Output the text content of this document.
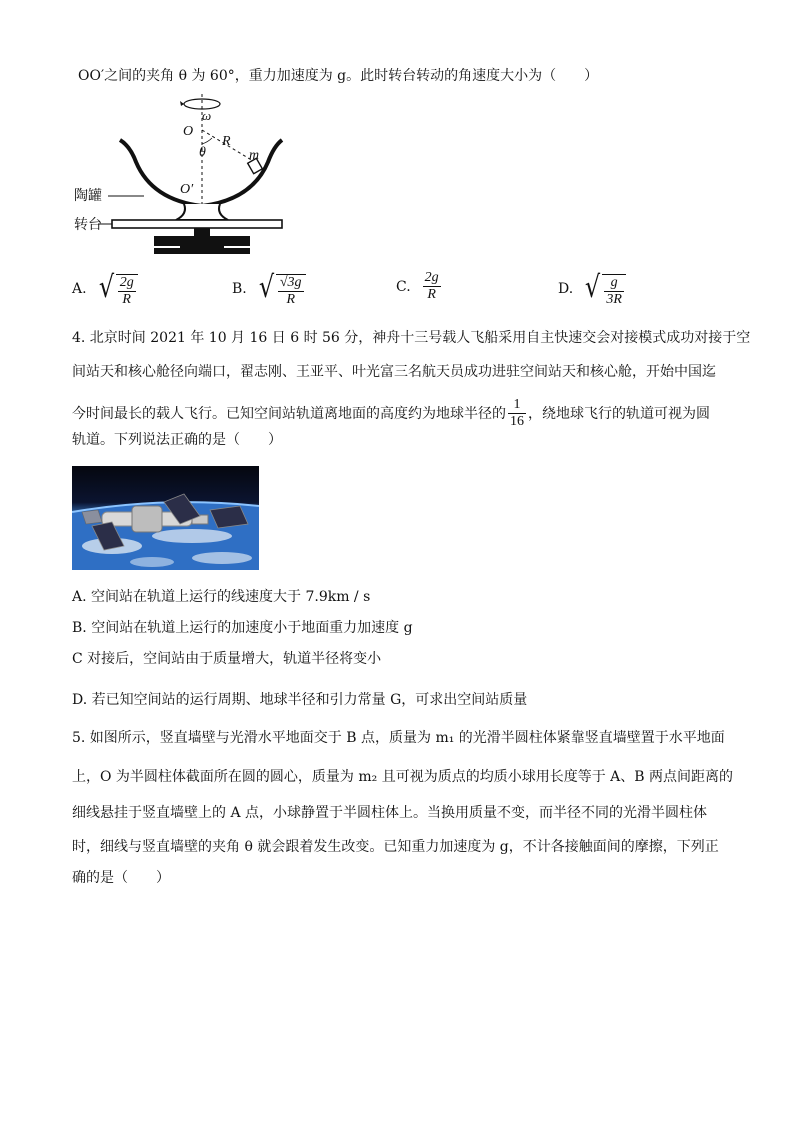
OO′之间的夹角 θ 为 60°，重力加速度为 g。此时转台转动的角速度大小为（　　）
ω
O
θ
R
m
O′
陶罐
转台
A. √ $\frac{2g}{R}$	B. √ $\frac{√3g}{R}$	C. $\frac{2g}{R}$	D. √ $\frac{g}{3R}$
4. 北京时间 2021 年 10 月 16 日 6 时 56 分，神舟十三号载人飞船采用自主快速交会对接模式成功对接于空
间站天和核心舱径向端口，翟志刚、王亚平、叶光富三名航天员成功进驻空间站天和核心舱，开始中国迄
今时间最长的载人飞行。已知空间站轨道离地面的高度约为地球半径的 $\frac{1}{16}$ ，绕地球飞行的轨道可视为圆
轨道。下列说法正确的是（　　）
A. 空间站在轨道上运行的线速度大于 7.9km / s
B. 空间站在轨道上运行的加速度小于地面重力加速度 g
C 对接后，空间站由于质量增大，轨道半径将变小
D. 若已知空间站的运行周期、地球半径和引力常量 G，可求出空间站质量
5. 如图所示，竖直墙壁与光滑水平地面交于 B 点，质量为 m₁ 的光滑半圆柱体紧靠竖直墙壁置于水平地面
上，O 为半圆柱体截面所在圆的圆心，质量为 m₂ 且可视为质点的均质小球用长度等于 A、B 两点间距离的
细线悬挂于竖直墙壁上的 A 点，小球静置于半圆柱体上。当换用质量不变，而半径不同的光滑半圆柱体
时，细线与竖直墙壁的夹角 θ 就会跟着发生改变。已知重力加速度为 g，不计各接触面间的摩擦，下列正
确的是（　　）
